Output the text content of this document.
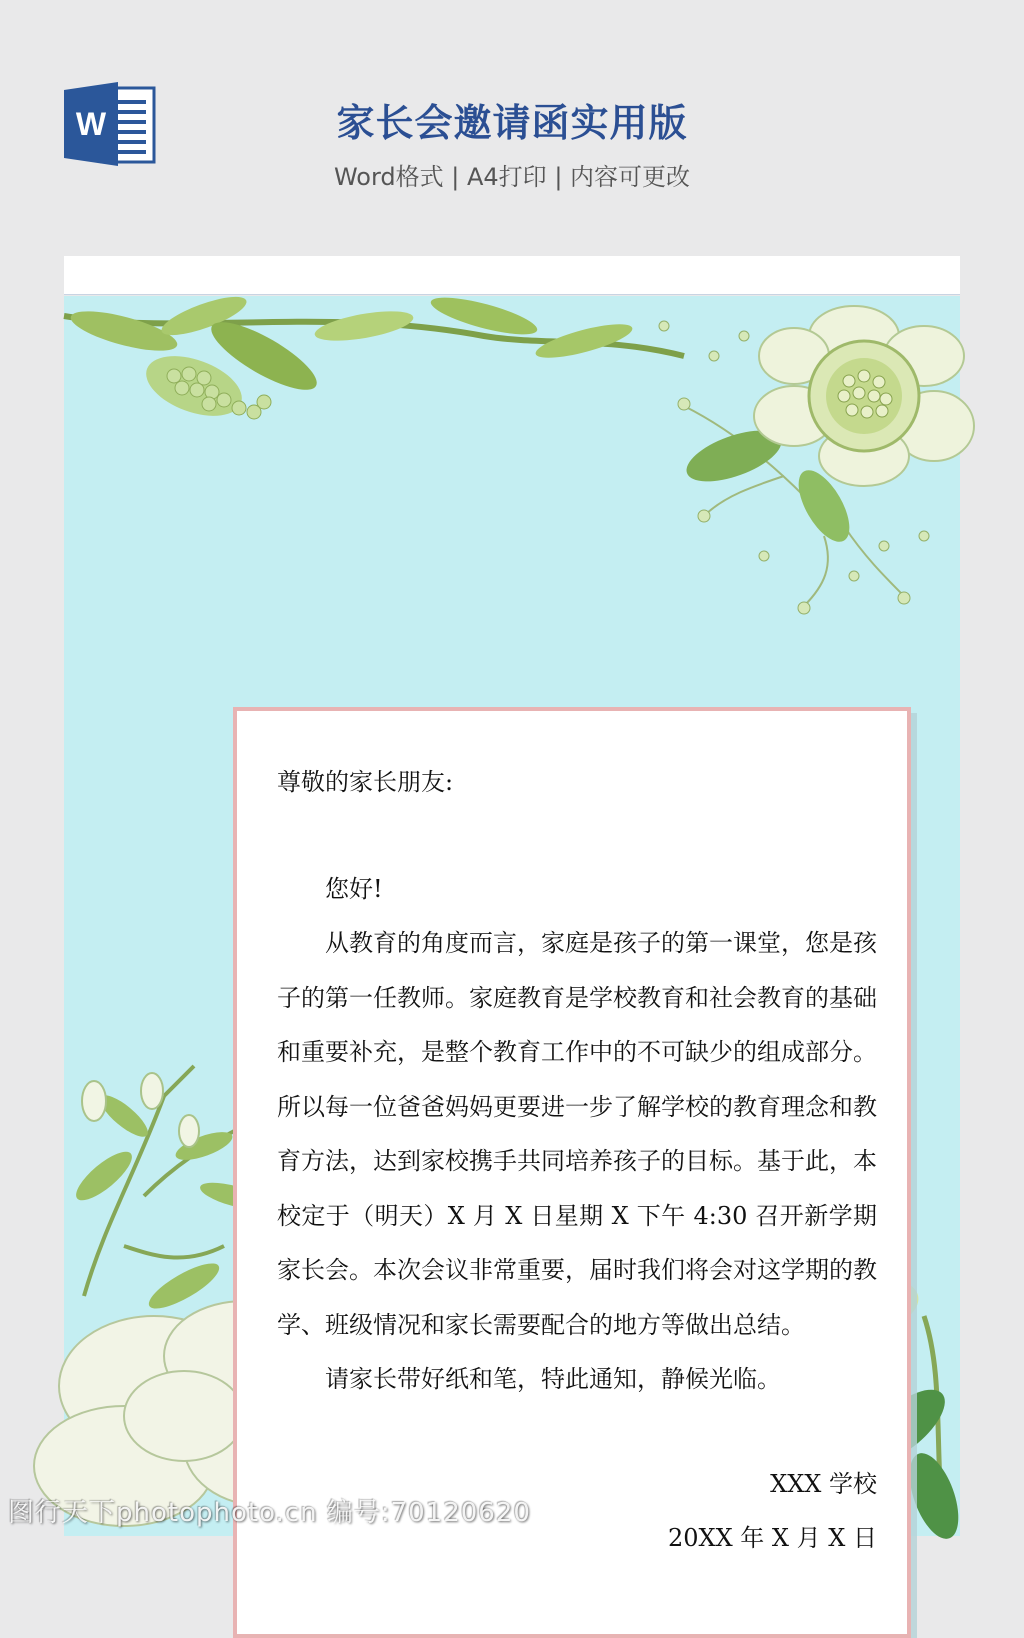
W	家长会邀请函实用版
Word格式 | A4打印 | 内容可更改

尊敬的家长朋友:

您好!

从教育的角度而言，家庭是孩子的第一课堂，您是孩子的第一任教师。家庭教育是学校教育和社会教育的基础和重要补充，是整个教育工作中的不可缺少的组成部分。所以每一位爸爸妈妈更要进一步了解学校的教育理念和教育方法，达到家校携手共同培养孩子的目标。基于此，本校定于（明天）X 月 X 日星期 X 下午 4:30 召开新学期家长会。本次会议非常重要，届时我们将会对这学期的教学、班级情况和家长需要配合的地方等做出总结。

请家长带好纸和笔，特此通知，静候光临。

XXX 学校

20XX 年 X 月 X 日

图行天下photophoto.cn 编号:70120620
